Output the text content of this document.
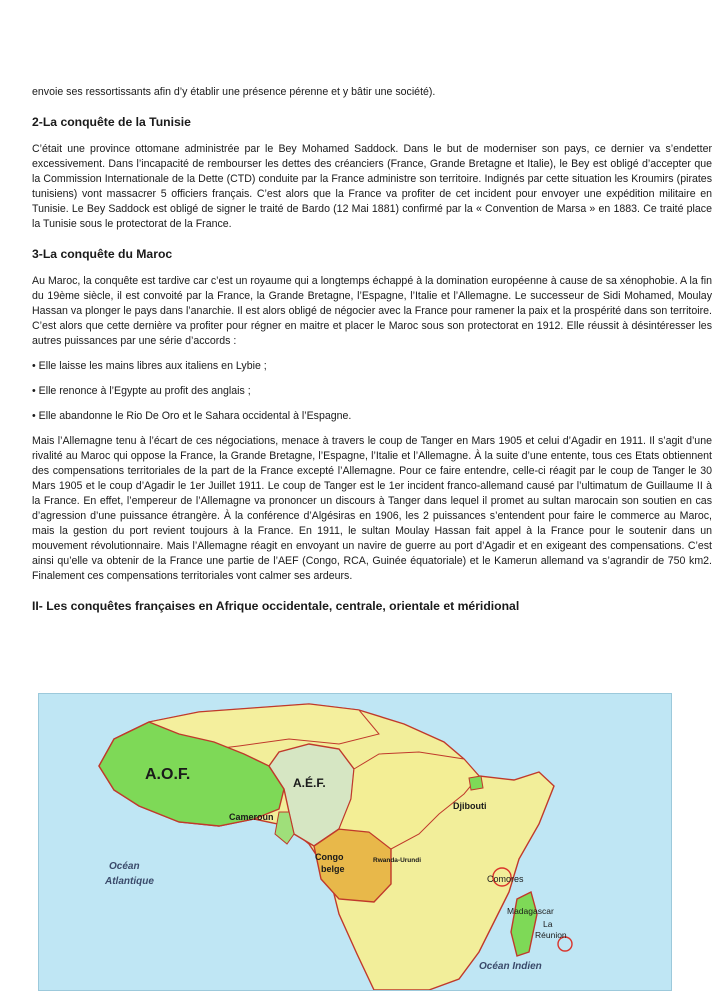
envoie ses ressortissants afin d’y établir une présence pérenne et y bâtir une société).

2-La conquête de la Tunisie

C’était une province ottomane administrée par le Bey Mohamed Saddock. Dans le but de moderniser son pays, ce dernier va s’endetter excessivement. Dans l’incapacité de rembourser les dettes des créanciers (France, Grande Bretagne et Italie), le Bey est obligé d’accepter que la Commission Internationale de la Dette (CTD) conduite par la France administre son territoire. Indignés par cette situation les Kroumirs (pirates tunisiens) vont massacrer 5 officiers français. C’est alors que la France va profiter de cet incident pour envoyer une expédition militaire en Tunisie. Le Bey Saddock est obligé de signer le traité de Bardo (12 Mai 1881) confirmé par la « Convention de Marsa » en 1883. Ce traité place la Tunisie sous le protectorat de la France.

3-La conquête du Maroc

Au Maroc, la conquête est tardive car c’est un royaume qui a longtemps échappé à la domination européenne à cause de sa xénophobie. A la fin du 19ème siècle, il est convoité par la France, la Grande Bretagne, l’Espagne, l’Italie et l’Allemagne. Le successeur de Sidi Mohamed, Moulay Hassan va plonger le pays dans l’anarchie. Il est alors obligé de négocier avec la France pour ramener la paix et la prospérité dans son territoire. C’est alors que cette dernière va profiter pour régner en maitre et placer le Maroc sous son protectorat en 1912. Elle réussit à désintéresser les autres puissances par une série d’accords :

• Elle laisse les mains libres aux italiens en Lybie ;

• Elle renonce à l’Egypte au profit des anglais ;

• Elle abandonne le Rio De Oro et le Sahara occidental à l’Espagne.

Mais l’Allemagne tenu à l’écart de ces négociations, menace à travers le coup de Tanger en Mars 1905 et celui d’Agadir en 1911. Il s’agit d’une rivalité au Maroc qui oppose la France, la Grande Bretagne, l’Espagne, l’Italie et l’Allemagne. À la suite d’une entente, tous ces Etats obtiennent des compensations territoriales de la part de la France excepté l’Allemagne. Pour ce faire entendre, celle-ci réagit par le coup de Tanger le 30 Mars 1905 et le coup d’Agadir le 1er Juillet 1911. Le coup de Tanger est le 1er incident franco-allemand causé par l’ultimatum de Guillaume II à la France. En effet, l’empereur de l’Allemagne va prononcer un discours à Tanger dans lequel il promet au sultan marocain son soutien en cas d’agression d’une puissance étrangère. À la conférence d’Algésiras en 1906, les 2 puissances s’entendent pour faire le commerce au Maroc, mais la gestion du port revient toujours à la France. En 1911, le sultan Moulay Hassan fait appel à la France pour le soutenir dans un mouvement révolutionnaire. Mais l’Allemagne réagit en envoyant un navire de guerre au port d’Agadir et en exigeant des compensations. C’est ainsi qu’elle va obtenir de la France une partie de l’AEF (Congo, RCA, Guinée équatoriale) et le Kamerun allemand va s’agrandir de 750 km2. Finalement ces compensations territoriales vont calmer ses ardeurs.

II- Les conquêtes françaises en Afrique occidentale, centrale, orientale et méridional
A.O.F.	A.É.F.
Cameroun
Congo
belge
Rwanda-Urundi
Djibouti
Comores
Madagascar
La
Réunion
Océan
Atlantique
Océan Indien
